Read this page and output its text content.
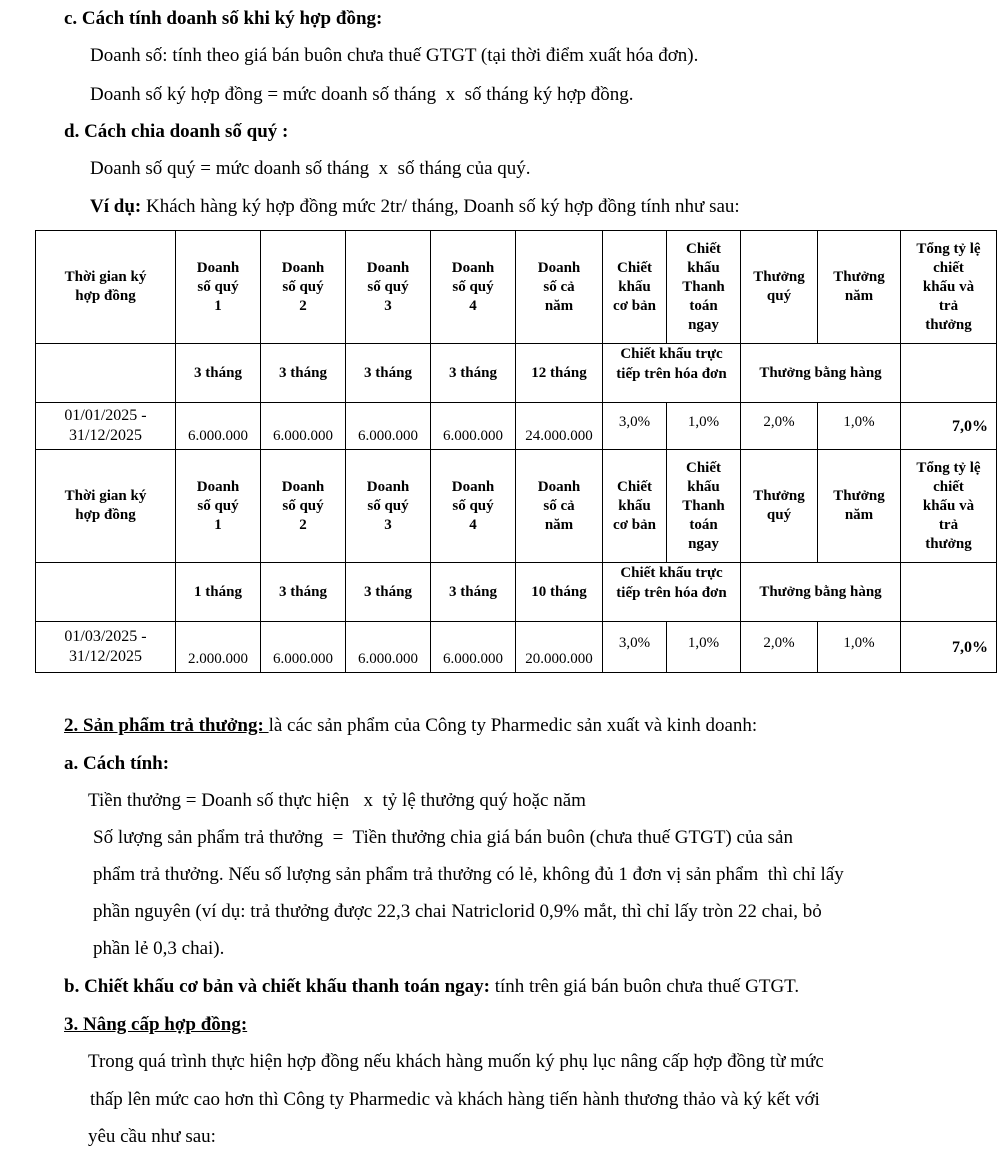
c. Cách tính doanh số khi ký hợp đồng:
Doanh số: tính theo giá bán buôn chưa thuế GTGT (tại thời điểm xuất hóa đơn).
Doanh số ký hợp đồng = mức doanh số tháng  x  số tháng ký hợp đồng.
d. Cách chia doanh số quý :
Doanh số quý = mức doanh số tháng  x  số tháng của quý.
Ví dụ: Khách hàng ký hợp đồng mức 2tr/ tháng, Doanh số ký hợp đồng tính như sau:
Thời gian ký hợp đồng	Doanh số quý 1	Doanh số quý 2	Doanh số quý 3	Doanh số quý 4	Doanh số cả năm	Chiết khấu cơ bản	Chiết khấu Thanh toán ngay	Thưởng quý	Thưởng năm	Tổng tỷ lệ chiết khấu và trả thưởng
	3 tháng	3 tháng	3 tháng	3 tháng	12 tháng	Chiết khấu trực tiếp trên hóa đơn		Thưởng bằng hàng		

01/01/2025 -
31/12/2025	6.000.000	6.000.000	6.000.000	6.000.000	24.000.000	3,0%	1,0%	2,0%	1,0%	7,0%
Thời gian ký hợp đồng	Doanh số quý 1	Doanh số quý 2	Doanh số quý 3	Doanh số quý 4	Doanh số cả năm	Chiết khấu cơ bản	Chiết khấu Thanh toán ngay	Thưởng quý	Thưởng năm	Tổng tỷ lệ chiết khấu và trả thưởng
	1 tháng	3 tháng	3 tháng	3 tháng	10 tháng	Chiết khấu trực tiếp trên hóa đơn		Thưởng bằng hàng		

01/03/2025 -
31/12/2025	2.000.000	6.000.000	6.000.000	6.000.000	20.000.000	3,0%	1,0%	2,0%	1,0%	7,0%
2. Sản phẩm trả thưởng: là các sản phẩm của Công ty Pharmedic sản xuất và kinh doanh:
a. Cách tính:
Tiền thưởng = Doanh số thực hiện   x  tỷ lệ thưởng quý hoặc năm
Số lượng sản phẩm trả thưởng  =  Tiền thưởng chia giá bán buôn (chưa thuế GTGT) của sản
phẩm trả thưởng. Nếu số lượng sản phẩm trả thưởng có lẻ, không đủ 1 đơn vị sản phẩm  thì chỉ lấy
phần nguyên (ví dụ: trả thưởng được 22,3 chai Natriclorid 0,9% mắt, thì chỉ lấy tròn 22 chai, bỏ
phần lẻ 0,3 chai).
b. Chiết khấu cơ bản và chiết khấu thanh toán ngay: tính trên giá bán buôn chưa thuế GTGT.
3. Nâng cấp hợp đồng:
Trong quá trình thực hiện hợp đồng nếu khách hàng muốn ký phụ lục nâng cấp hợp đồng từ mức
thấp lên mức cao hơn thì Công ty Pharmedic và khách hàng tiến hành thương thảo và ký kết với
yêu cầu như sau:
